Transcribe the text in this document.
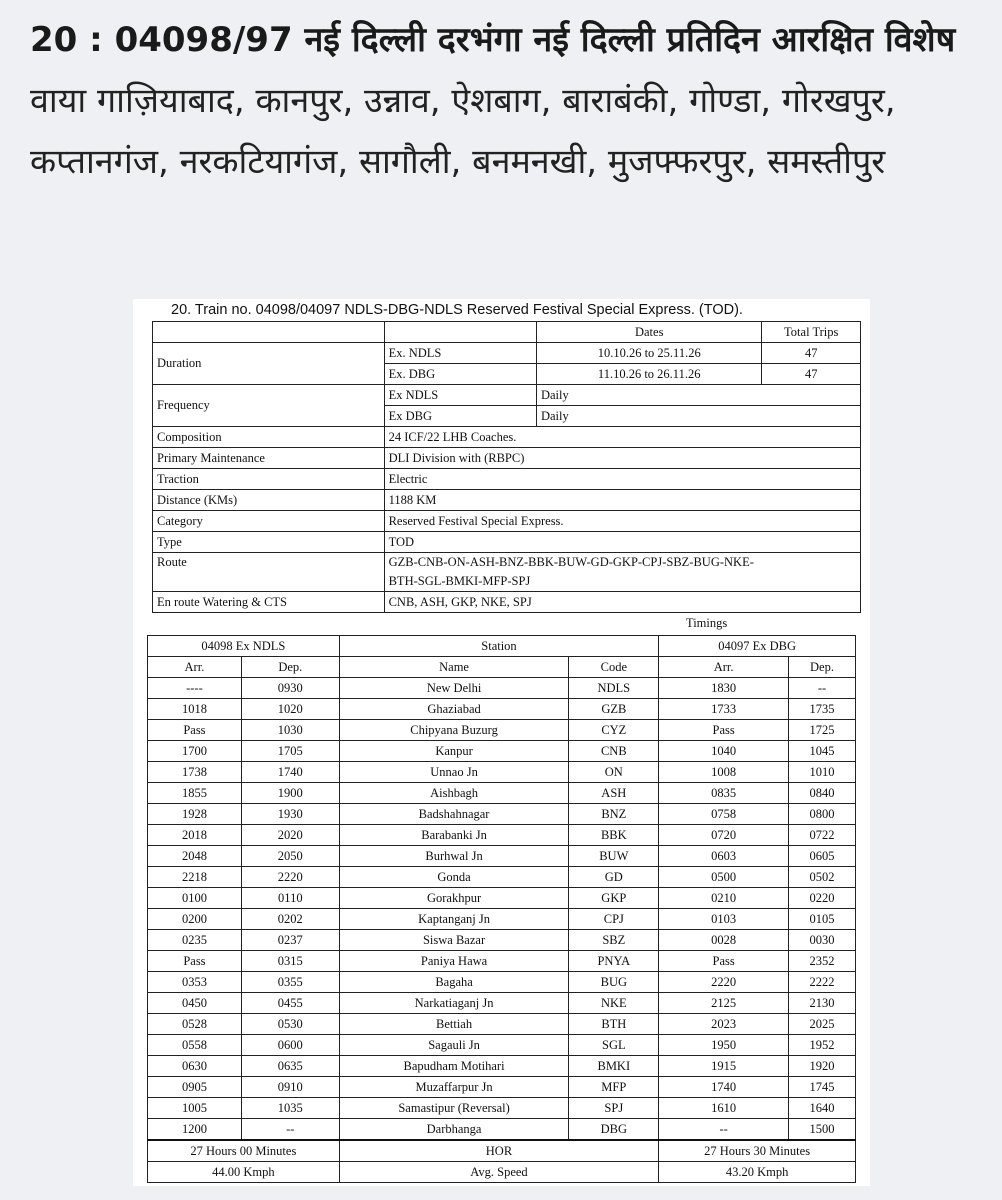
20 : 04098/97 नई दिल्ली दरभंगा नई दिल्ली प्रतिदिन आरक्षित विशेष वाया गाज़ियाबाद, कानपुर, उन्नाव, ऐशबाग, बाराबंकी, गोण्डा, गोरखपुर, कप्तानगंज, नरकटियागंज, सागौली, बनमनखी, मुजफ्फरपुर, समस्तीपुर
20. Train no. 04098/04097 NDLS-DBG-NDLS Reserved Festival Special Express. (TOD).
		Dates	Total Trips
Duration	Ex. NDLS	10.10.26 to 25.11.26	47
	Ex. DBG	11.10.26 to 26.11.26	47
Frequency	Ex NDLS	Daily	
	Ex DBG	Daily	
Composition	24 ICF/22 LHB Coaches.		
Primary Maintenance	DLI Division with (RBPC)		
Traction	Electric		
Distance (KMs)	1188 KM		
Category	Reserved Festival Special Express.		
Type	TOD		
Route	GZB-CNB-ON-ASH-BNZ-BBK-BUW-GD-GKP-CPJ-SBZ-BUG-NKE-
BTH-SGL-BMKI-MFP-SPJ		

En route Watering & CTS	CNB, ASH, GKP, NKE, SPJ		
Timings
04098 Ex NDLS		Station		04097 Ex DBG	
Arr.	Dep.	Name	Code	Arr.	Dep.
----	0930	New Delhi	NDLS	1830	--
1018	1020	Ghaziabad	GZB	1733	1735
Pass	1030	Chipyana Buzurg	CYZ	Pass	1725
1700	1705	Kanpur	CNB	1040	1045
1738	1740	Unnao Jn	ON	1008	1010
1855	1900	Aishbagh	ASH	0835	0840
1928	1930	Badshahnagar	BNZ	0758	0800
2018	2020	Barabanki Jn	BBK	0720	0722
2048	2050	Burhwal Jn	BUW	0603	0605
2218	2220	Gonda	GD	0500	0502
0100	0110	Gorakhpur	GKP	0210	0220
0200	0202	Kaptanganj Jn	CPJ	0103	0105
0235	0237	Siswa Bazar	SBZ	0028	0030
Pass	0315	Paniya Hawa	PNYA	Pass	2352
0353	0355	Bagaha	BUG	2220	2222
0450	0455	Narkatiaganj Jn	NKE	2125	2130
0528	0530	Bettiah	BTH	2023	2025
0558	0600	Sagauli Jn	SGL	1950	1952
0630	0635	Bapudham Motihari	BMKI	1915	1920
0905	0910	Muzaffarpur Jn	MFP	1740	1745
1005	1035	Samastipur (Reversal)	SPJ	1610	1640
1200	--	Darbhanga	DBG	--	1500
27 Hours 00 Minutes		HOR		27 Hours 30 Minutes	
44.00 Kmph		Avg. Speed		43.20 Kmph	
